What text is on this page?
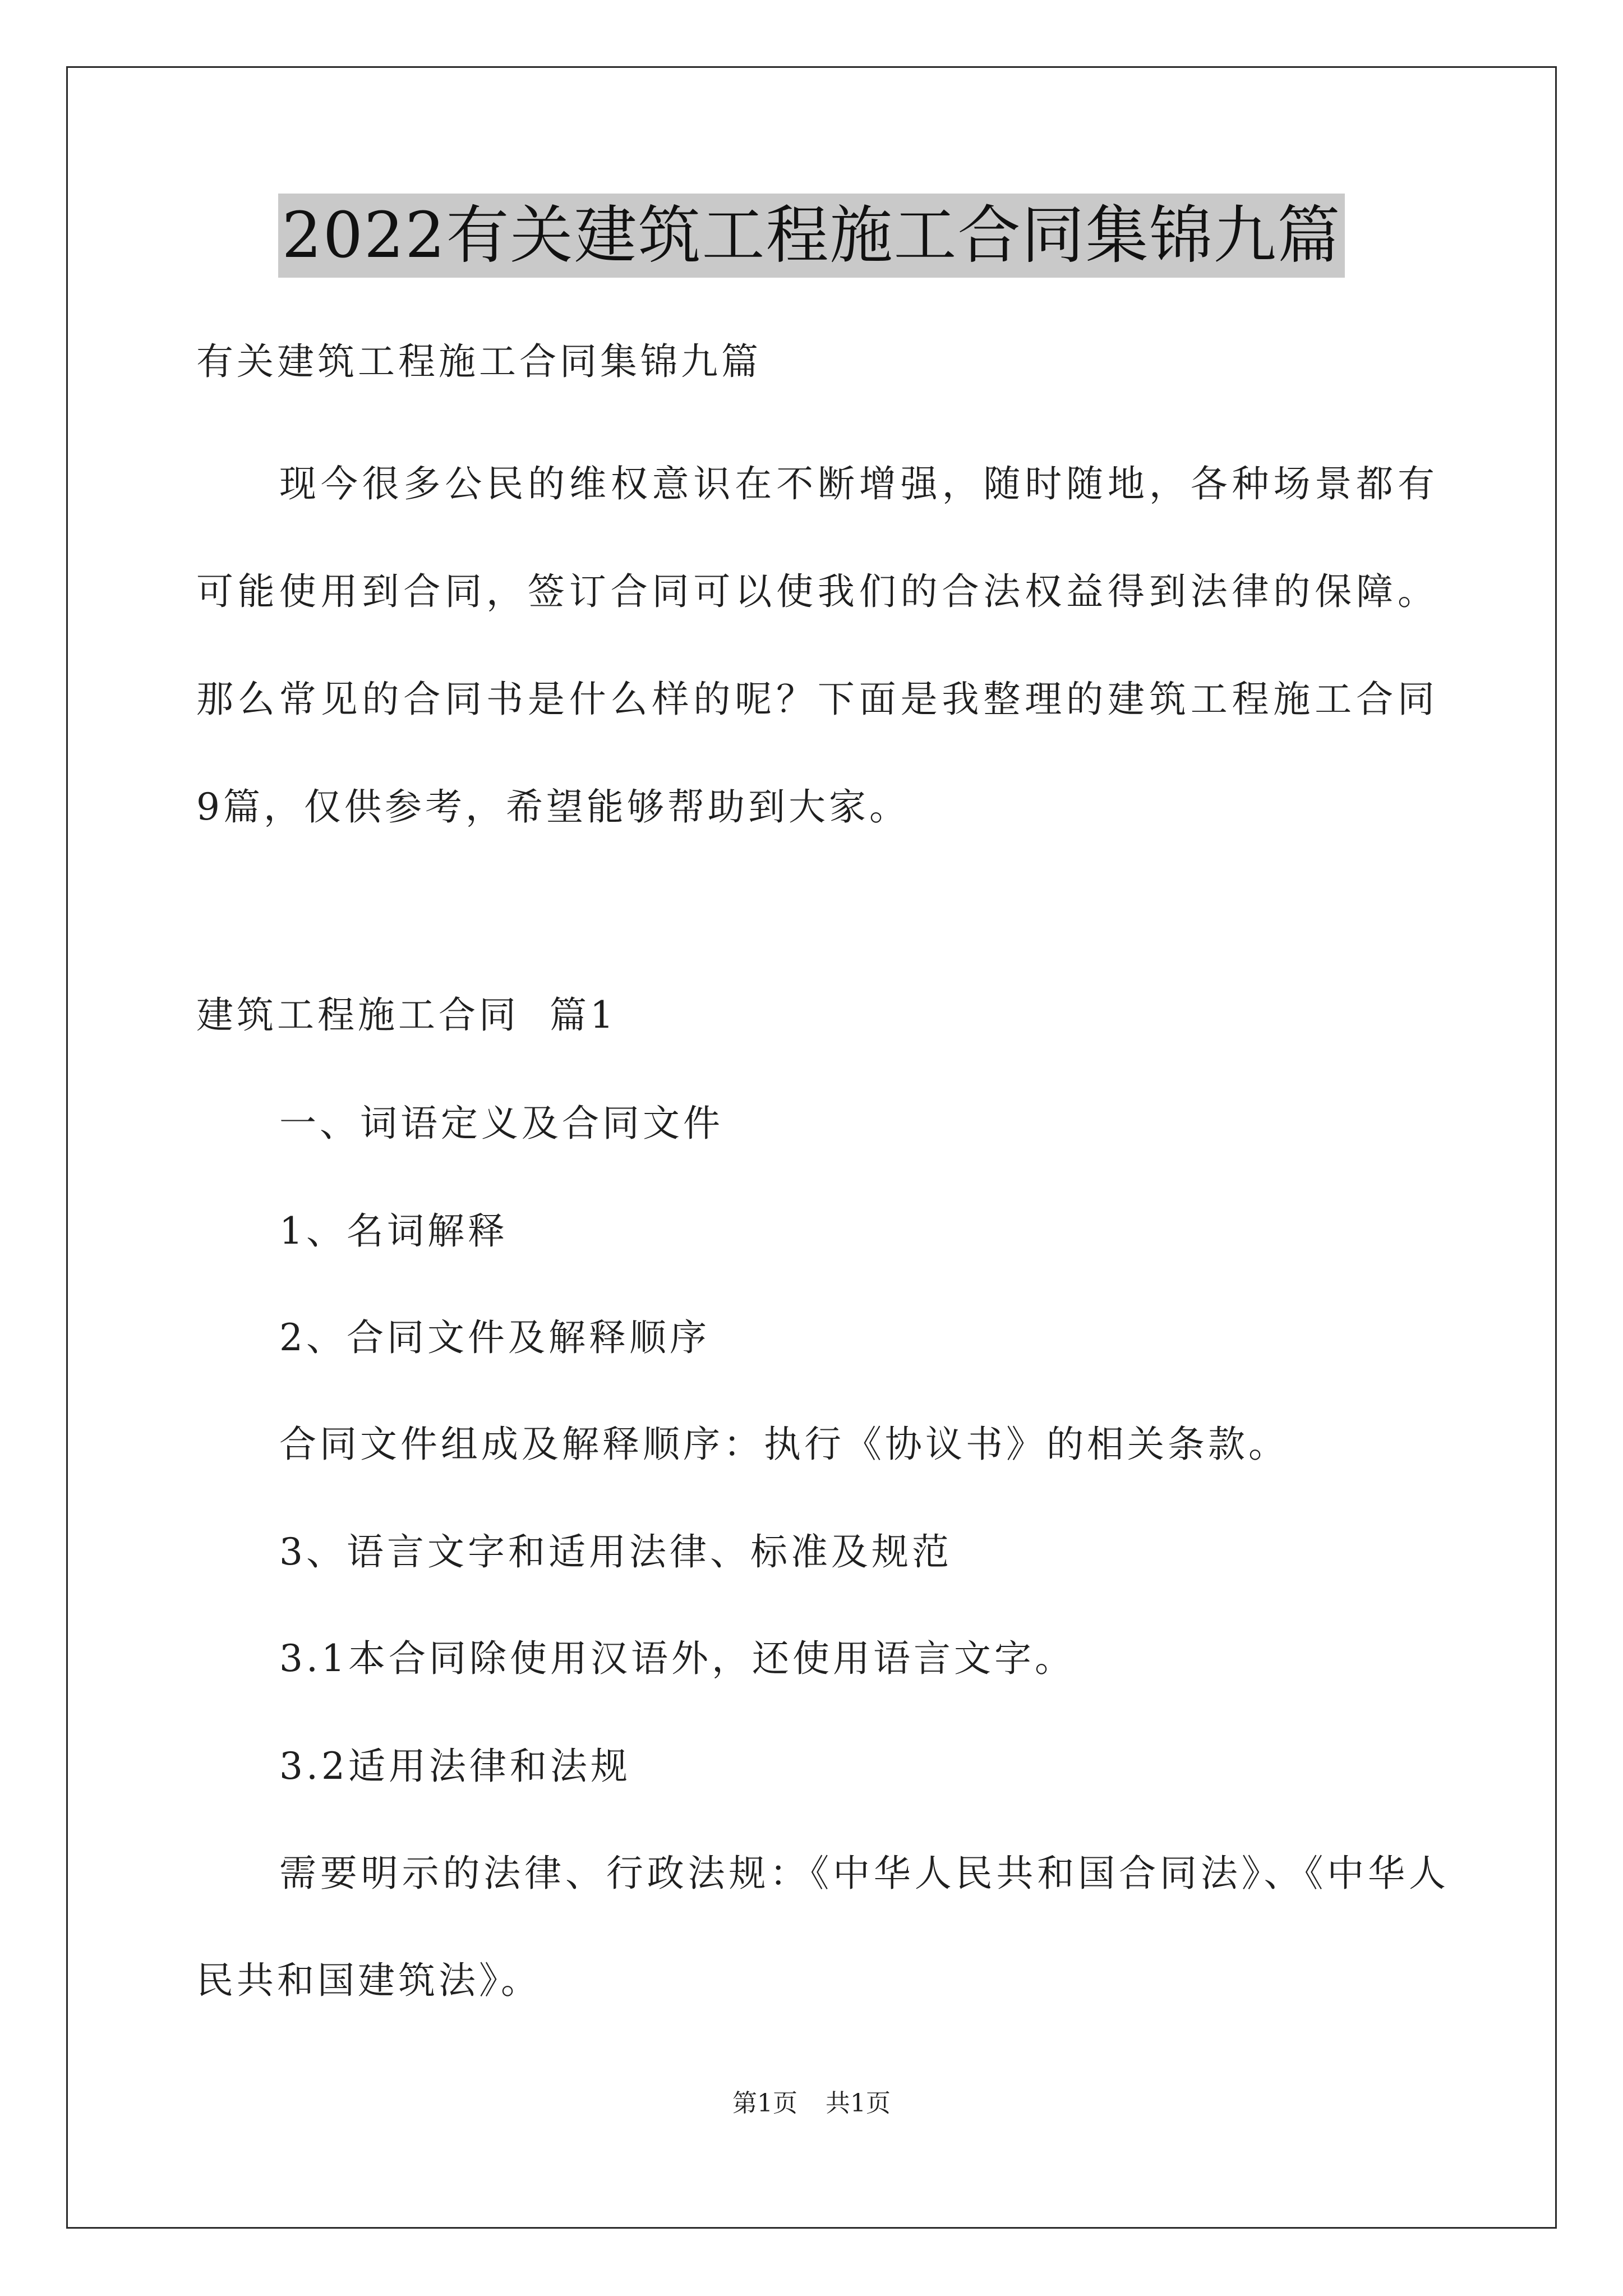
2022有关建筑工程施工合同集锦九篇
有关建筑工程施工合同集锦九篇
现今很多公民的维权意识在不断增强，随时随地，各种场景都有
可能使用到合同，签订合同可以使我们的合法权益得到法律的保障。
那么常见的合同书是什么样的呢？下面是我整理的建筑工程施工合同
9篇，仅供参考，希望能够帮助到大家。
建筑工程施工合同  篇1
一、词语定义及合同文件
1、名词解释
2、合同文件及解释顺序
合同文件组成及解释顺序：执行《协议书》的相关条款。
3、语言文字和适用法律、标准及规范
3.1本合同除使用汉语外，还使用语言文字。
3.2适用法律和法规
需要明示的法律、行政法规：《中华人民共和国合同法》、《中华人
民共和国建筑法》。
第1页 共1页
